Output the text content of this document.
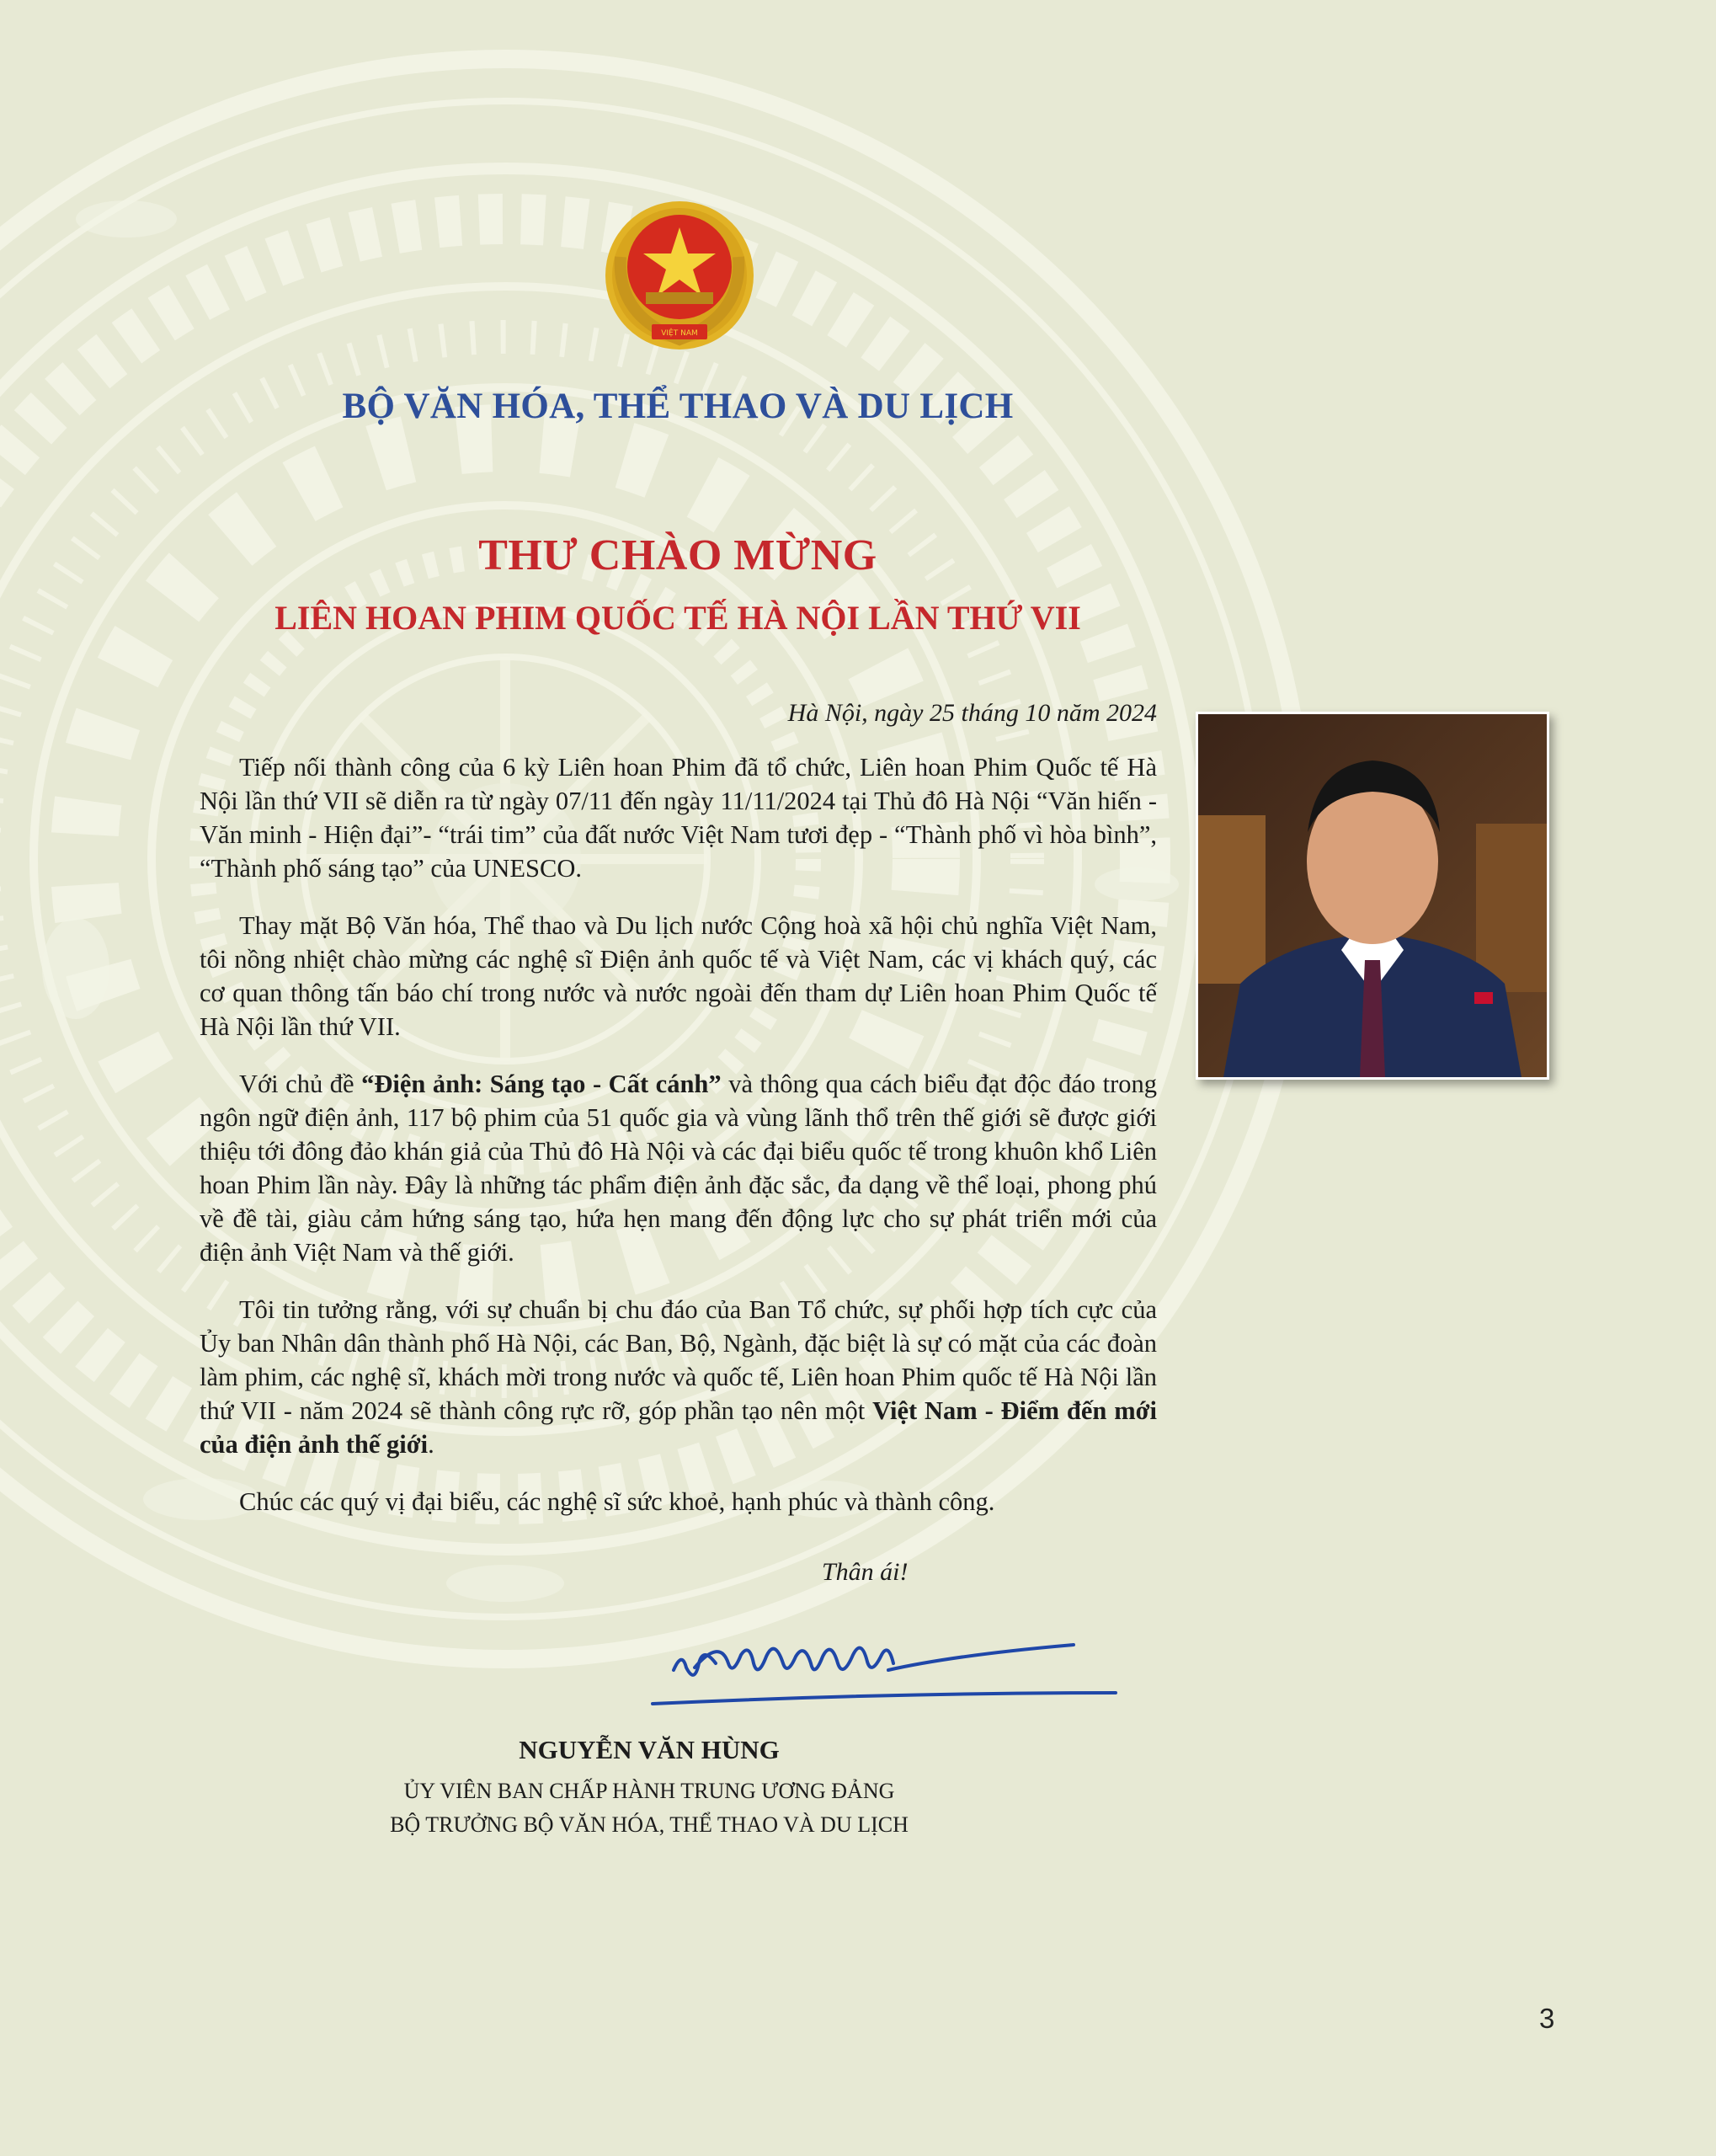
VIỆT NAM
BỘ VĂN HÓA, THỂ THAO VÀ DU LỊCH
THƯ CHÀO MỪNG
LIÊN HOAN PHIM QUỐC TẾ HÀ NỘI LẦN THỨ VII
Hà Nội, ngày 25 tháng 10 năm 2024

Tiếp nối thành công của 6 kỳ Liên hoan Phim đã tổ chức, Liên hoan Phim Quốc tế Hà Nội lần thứ VII sẽ diễn ra từ ngày 07/11 đến ngày 11/11/2024 tại Thủ đô Hà Nội “Văn hiến - Văn minh - Hiện đại”- “trái tim” của đất nước Việt Nam tươi đẹp - “Thành phố vì hòa bình”, “Thành phố sáng tạo” của UNESCO.

Thay mặt Bộ Văn hóa, Thể thao và Du lịch nước Cộng hoà xã hội chủ nghĩa Việt Nam, tôi nồng nhiệt chào mừng các nghệ sĩ Điện ảnh quốc tế và Việt Nam, các vị khách quý, các cơ quan thông tấn báo chí trong nước và nước ngoài đến tham dự Liên hoan Phim Quốc tế Hà Nội lần thứ VII.

Với chủ đề “Điện ảnh: Sáng tạo - Cất cánh” và thông qua cách biểu đạt độc đáo trong ngôn ngữ điện ảnh, 117 bộ phim của 51 quốc gia và vùng lãnh thổ trên thế giới sẽ được giới thiệu tới đông đảo khán giả của Thủ đô Hà Nội và các đại biểu quốc tế trong khuôn khổ Liên hoan Phim lần này. Đây là những tác phẩm điện ảnh đặc sắc, đa dạng về thể loại, phong phú về đề tài, giàu cảm hứng sáng tạo, hứa hẹn mang đến động lực cho sự phát triển mới của điện ảnh Việt Nam và thế giới.

Tôi tin tưởng rằng, với sự chuẩn bị chu đáo của Ban Tổ chức, sự phối hợp tích cực của Ủy ban Nhân dân thành phố Hà Nội, các Ban, Bộ, Ngành, đặc biệt là sự có mặt của các đoàn làm phim, các nghệ sĩ, khách mời trong nước và quốc tế, Liên hoan Phim quốc tế Hà Nội lần thứ VII - năm 2024 sẽ thành công rực rỡ, góp phần tạo nên một Việt Nam - Điểm đến mới của điện ảnh thế giới.

Chúc các quý vị đại biểu, các nghệ sĩ sức khoẻ, hạnh phúc và thành công.

Thân ái!
NGUYỄN VĂN HÙNG
ỦY VIÊN BAN CHẤP HÀNH TRUNG ƯƠNG ĐẢNG
BỘ TRƯỞNG BỘ VĂN HÓA, THỂ THAO VÀ DU LỊCH
3
